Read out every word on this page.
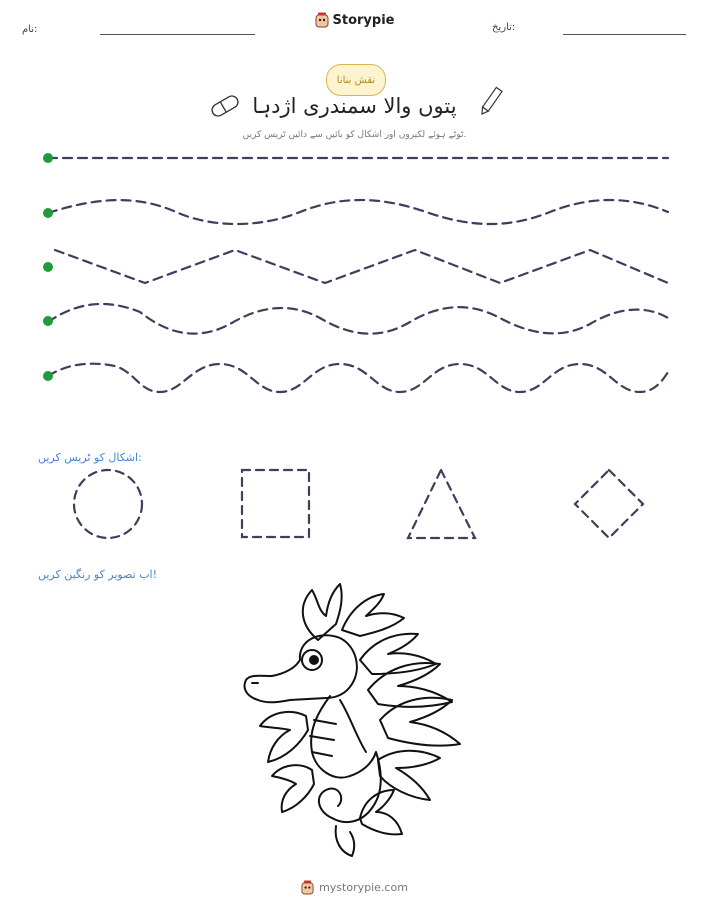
نام:
Storypie	تاریخ:
نقش بنانا
پتوں والا سمندری اژدہا
ٹوٹے ہوئے لکیروں اور اشکال کو بائیں سے دائیں ٹریس کریں.
اشکال کو ٹریس کریں:
اب تصویر کو رنگین کریں!
mystorypie.com
